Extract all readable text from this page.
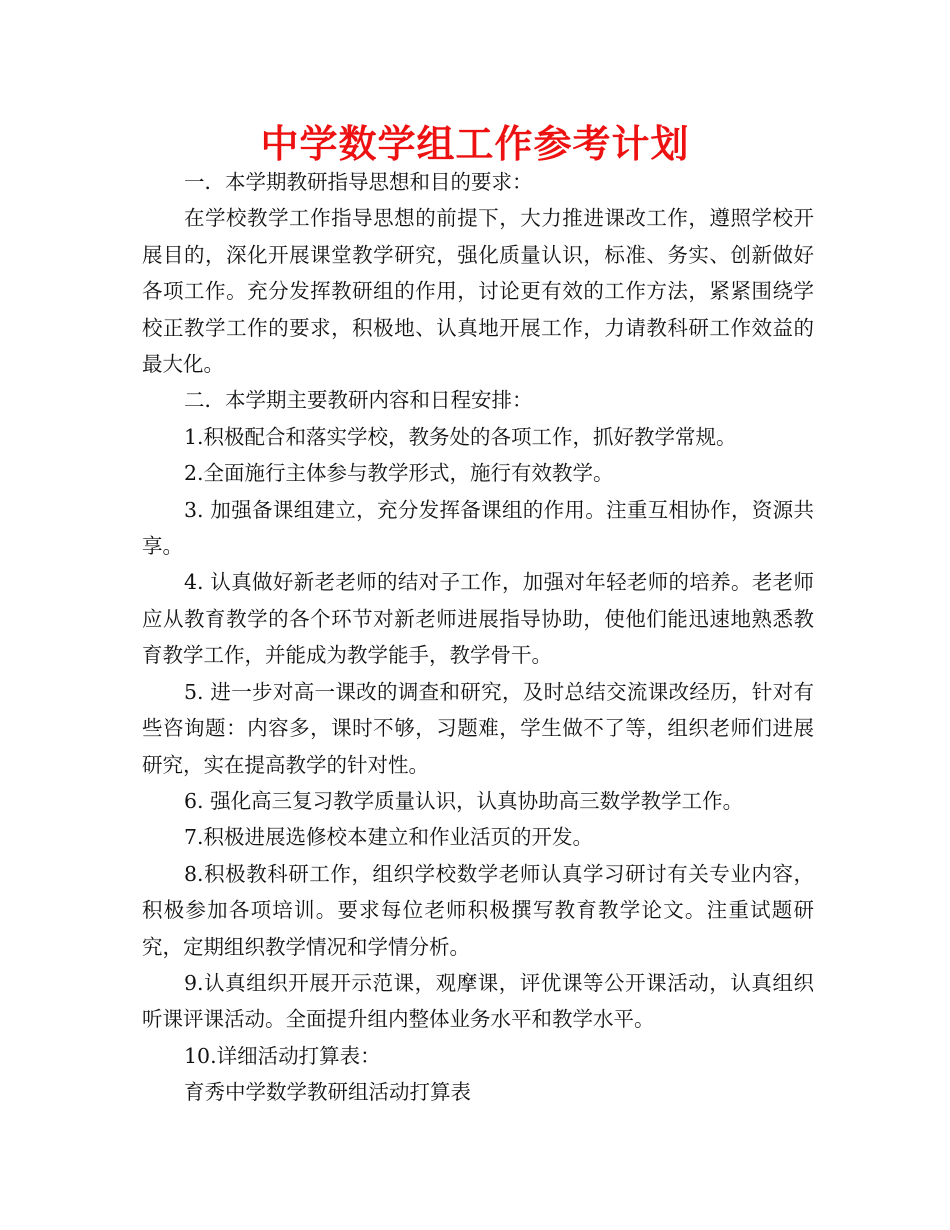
中学数学组工作参考计划

一．本学期教研指导思想和目的要求：

在学校教学工作指导思想的前提下，大力推进课改工作，遵照学校开展目的，深化开展课堂教学研究，强化质量认识，标准、务实、创新做好各项工作。充分发挥教研组的作用，讨论更有效的工作方法，紧紧围绕学校正教学工作的要求，积极地、认真地开展工作，力请教科研工作效益的最大化。

二．本学期主要教研内容和日程安排：

1.积极配合和落实学校，教务处的各项工作，抓好教学常规。

2.全面施行主体参与教学形式，施行有效教学。

3. 加强备课组建立，充分发挥备课组的作用。注重互相协作，资源共享。

4. 认真做好新老老师的结对子工作，加强对年轻老师的培养。老老师应从教育教学的各个环节对新老师进展指导协助，使他们能迅速地熟悉教育教学工作，并能成为教学能手，教学骨干。

5. 进一步对高一课改的调查和研究，及时总结交流课改经历，针对有些咨询题：内容多，课时不够，习题难，学生做不了等，组织老师们进展研究，实在提高教学的针对性。

6. 强化高三复习教学质量认识，认真协助高三数学教学工作。

7.积极进展选修校本建立和作业活页的开发。

8.积极教科研工作，组织学校数学老师认真学习研讨有关专业内容，积极参加各项培训。要求每位老师积极撰写教育教学论文。注重试题研究，定期组织教学情况和学情分析。

9.认真组织开展开示范课，观摩课，评优课等公开课活动，认真组织听课评课活动。全面提升组内整体业务水平和教学水平。

10.详细活动打算表：

育秀中学数学教研组活动打算表
